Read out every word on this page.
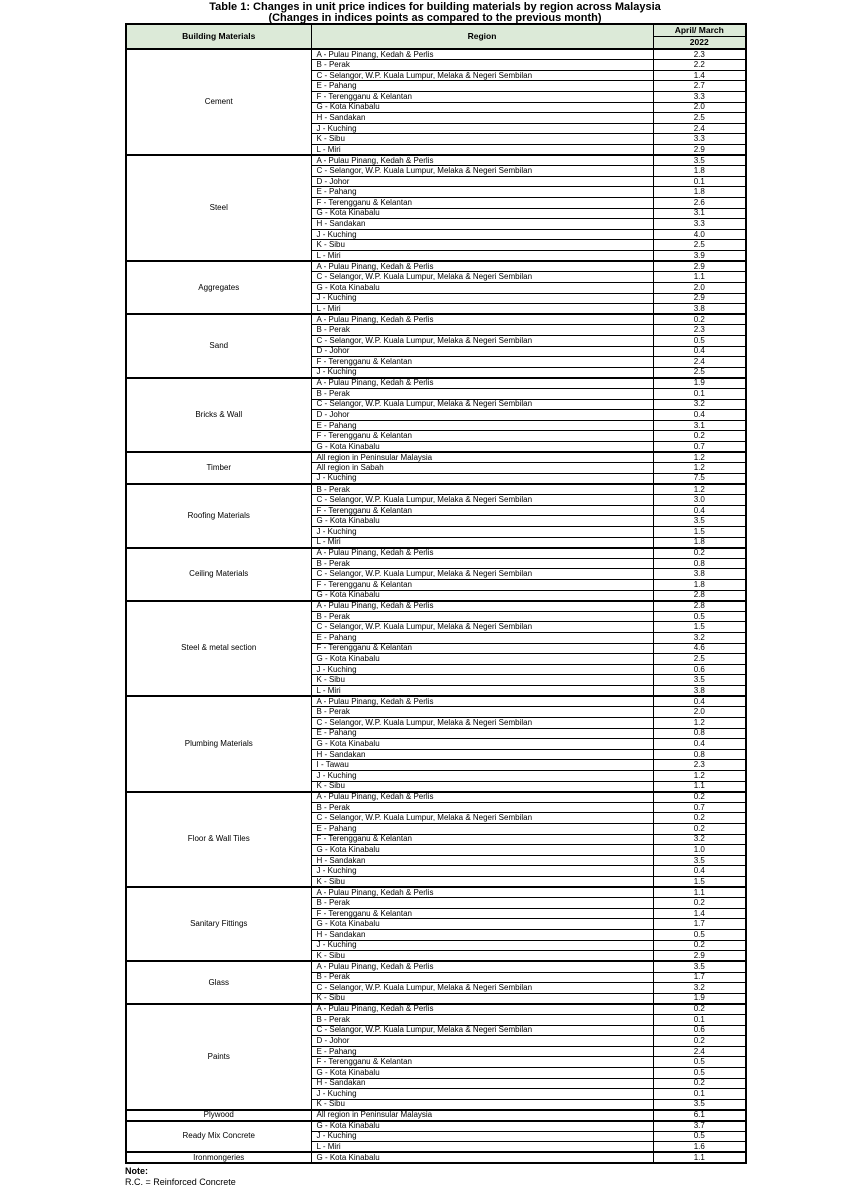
Table 1: Changes in unit price indices for building materials by region across Malaysia
(Changes in indices points as compared to the previous month)
Building Materials	Region	April/ March
		2022
Cement	A - Pulau Pinang, Kedah & Perlis	2.3
	B - Perak	2.2
	C - Selangor, W.P. Kuala Lumpur, Melaka & Negeri Sembilan	1.4
	E - Pahang	2.7
	F - Terengganu & Kelantan	3.3
	G - Kota Kinabalu	2.0
	H - Sandakan	2.5
	J - Kuching	2.4
	K - Sibu	3.3
	L - Miri	2.9
Steel	A - Pulau Pinang, Kedah & Perlis	3.5
	C - Selangor, W.P. Kuala Lumpur, Melaka & Negeri Sembilan	1.8
	D - Johor	0.1
	E - Pahang	1.8
	F - Terengganu & Kelantan	2.6
	G - Kota Kinabalu	3.1
	H - Sandakan	3.3
	J - Kuching	4.0
	K - Sibu	2.5
	L - Miri	3.9
Aggregates	A - Pulau Pinang, Kedah & Perlis	2.9
	C - Selangor, W.P. Kuala Lumpur, Melaka & Negeri Sembilan	1.1
	G - Kota Kinabalu	2.0
	J - Kuching	2.9
	L - Miri	3.8
Sand	A - Pulau Pinang, Kedah & Perlis	0.2
	B - Perak	2.3
	C - Selangor, W.P. Kuala Lumpur, Melaka & Negeri Sembilan	0.5
	D - Johor	0.4
	F - Terengganu & Kelantan	2.4
	J - Kuching	2.5
Bricks & Wall	A - Pulau Pinang, Kedah & Perlis	1.9
	B - Perak	0.1
	C - Selangor, W.P. Kuala Lumpur, Melaka & Negeri Sembilan	3.2
	D - Johor	0.4
	E - Pahang	3.1
	F - Terengganu & Kelantan	0.2
	G - Kota Kinabalu	0.7
Timber	All region in Peninsular Malaysia	1.2
	All region in Sabah	1.2
	J - Kuching	7.5
Roofing Materials	B - Perak	1.2
	C - Selangor, W.P. Kuala Lumpur, Melaka & Negeri Sembilan	3.0
	F - Terengganu & Kelantan	0.4
	G - Kota Kinabalu	3.5
	J - Kuching	1.5
	L - Miri	1.8
Ceiling Materials	A - Pulau Pinang, Kedah & Perlis	0.2
	B - Perak	0.8
	C - Selangor, W.P. Kuala Lumpur, Melaka & Negeri Sembilan	3.8
	F - Terengganu & Kelantan	1.8
	G - Kota Kinabalu	2.8
Steel & metal section	A - Pulau Pinang, Kedah & Perlis	2.8
	B - Perak	0.5
	C - Selangor, W.P. Kuala Lumpur, Melaka & Negeri Sembilan	1.5
	E - Pahang	3.2
	F - Terengganu & Kelantan	4.6
	G - Kota Kinabalu	2.5
	J - Kuching	0.6
	K - Sibu	3.5
	L - Miri	3.8
Plumbing Materials	A - Pulau Pinang, Kedah & Perlis	0.4
	B - Perak	2.0
	C - Selangor, W.P. Kuala Lumpur, Melaka & Negeri Sembilan	1.2
	E - Pahang	0.8
	G - Kota Kinabalu	0.4
	H - Sandakan	0.8
	I - Tawau	2.3
	J - Kuching	1.2
	K - Sibu	1.1
Floor & Wall Tiles	A - Pulau Pinang, Kedah & Perlis	0.2
	B - Perak	0.7
	C - Selangor, W.P. Kuala Lumpur, Melaka & Negeri Sembilan	0.2
	E - Pahang	0.2
	F - Terengganu & Kelantan	3.2
	G - Kota Kinabalu	1.0
	H - Sandakan	3.5
	J - Kuching	0.4
	K - Sibu	1.5
Sanitary Fittings	A - Pulau Pinang, Kedah & Perlis	1.1
	B - Perak	0.2
	F - Terengganu & Kelantan	1.4
	G - Kota Kinabalu	1.7
	H - Sandakan	0.5
	J - Kuching	0.2
	K - Sibu	2.9
Glass	A - Pulau Pinang, Kedah & Perlis	3.5
	B - Perak	1.7
	C - Selangor, W.P. Kuala Lumpur, Melaka & Negeri Sembilan	3.2
	K - Sibu	1.9
Paints	A - Pulau Pinang, Kedah & Perlis	0.2
	B - Perak	0.1
	C - Selangor, W.P. Kuala Lumpur, Melaka & Negeri Sembilan	0.6
	D - Johor	0.2
	E - Pahang	2.4
	F - Terengganu & Kelantan	0.5
	G - Kota Kinabalu	0.5
	H - Sandakan	0.2
	J - Kuching	0.1
	K - Sibu	3.5
Plywood	All region in Peninsular Malaysia	6.1
Ready Mix Concrete	G - Kota Kinabalu	3.7
	J - Kuching	0.5
	L - Miri	1.6
Ironmongeries	G - Kota Kinabalu	1.1
Note:
R.C. = Reinforced Concrete
